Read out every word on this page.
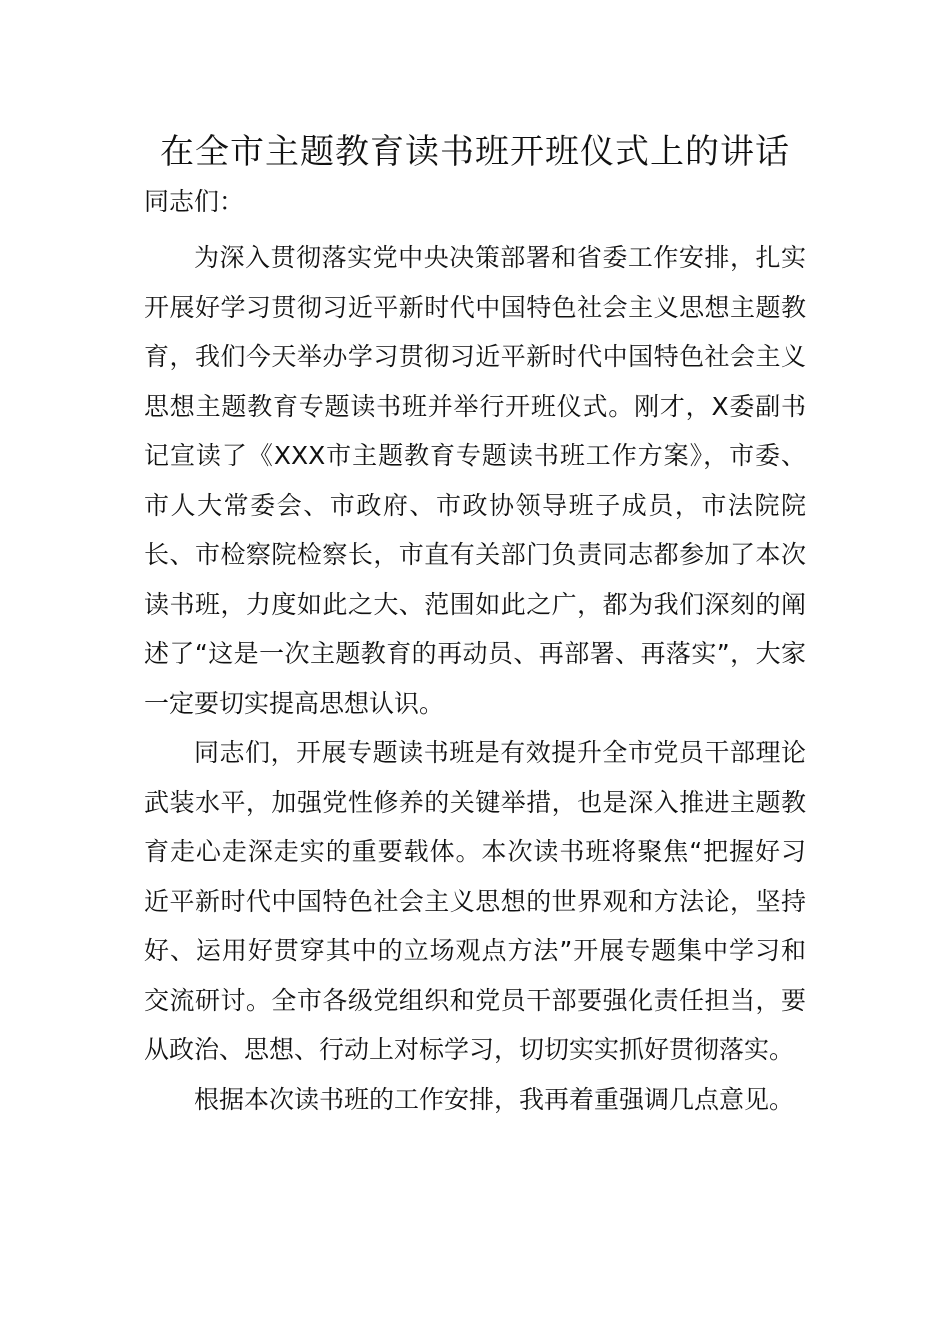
在全市主题教育读书班开班仪式上的讲话

同志们：

为深入贯彻落实党中央决策部署和省委工作安排，扎实开展好学习贯彻习近平新时代中国特色社会主义思想主题教育，我们今天举办学习贯彻习近平新时代中国特色社会主义思想主题教育专题读书班并举行开班仪式。刚才，X委副书记宣读了《XXX市主题教育专题读书班工作方案》，市委、市人大常委会、市政府、市政协领导班子成员，市法院院长、市检察院检察长，市直有关部门负责同志都参加了本次读书班，力度如此之大、范围如此之广，都为我们深刻的阐述了“这是一次主题教育的再动员、再部署、再落实”，大家一定要切实提高思想认识。

同志们，开展专题读书班是有效提升全市党员干部理论武装水平，加强党性修养的关键举措，也是深入推进主题教育走心走深走实的重要载体。本次读书班将聚焦“把握好习近平新时代中国特色社会主义思想的世界观和方法论，坚持好、运用好贯穿其中的立场观点方法”开展专题集中学习和交流研讨。全市各级党组织和党员干部要强化责任担当，要从政治、思想、行动上对标学习，切切实实抓好贯彻落实。

根据本次读书班的工作安排，我再着重强调几点意见。
